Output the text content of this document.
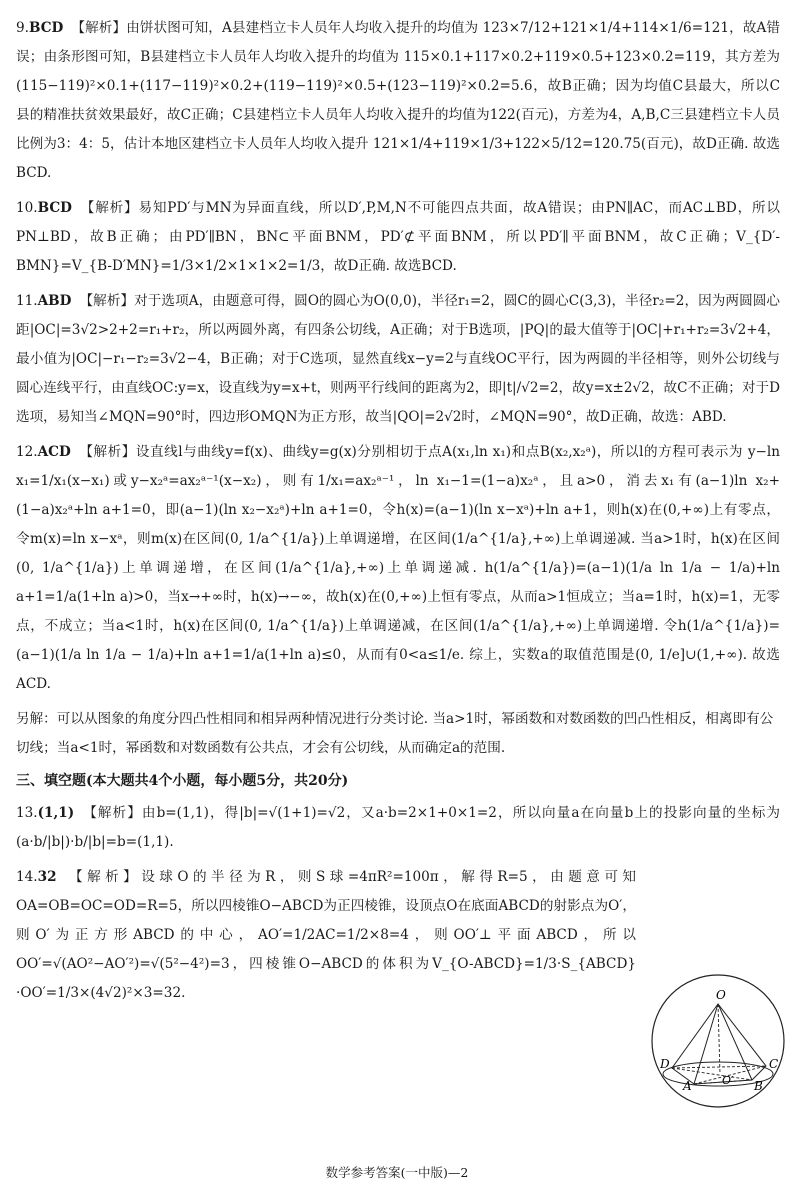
9.BCD 【解析】由饼状图可知，A县建档立卡人员年人均收入提升的均值为 123×7/12+121×1/4+114×1/6=121，故A错误；由条形图可知，B县建档立卡人员年人均收入提升的均值为 115×0.1+117×0.2+119×0.5+123×0.2=119，其方差为(115−119)²×0.1+(117−119)²×0.2+(119−119)²×0.5+(123−119)²×0.2=5.6，故B正确；因为均值C县最大，所以C县的精准扶贫效果最好，故C正确；C县建档立卡人员年人均收入提升的均值为122(百元)，方差为4，A,B,C三县建档立卡人员比例为3：4：5，估计本地区建档立卡人员年人均收入提升 121×1/4+119×1/3+122×5/12=120.75(百元)，故D正确. 故选BCD.

10.BCD 【解析】易知PD′与MN为异面直线，所以D′,P,M,N不可能四点共面，故A错误；由PN∥AC，而AC⊥BD，所以PN⊥BD，故B正确；由PD′∥BN，BN⊂平面BNM，PD′⊄平面BNM，所以PD′∥平面BNM，故C正确；V_{D′-BMN}=V_{B-D′MN}=1/3×1/2×1×1×2=1/3，故D正确. 故选BCD.

11.ABD 【解析】对于选项A，由题意可得，圆O的圆心为O(0,0)，半径r₁=2，圆C的圆心C(3,3)，半径r₂=2，因为两圆圆心距|OC|=3√2>2+2=r₁+r₂，所以两圆外离，有四条公切线，A正确；对于B选项，|PQ|的最大值等于|OC|+r₁+r₂=3√2+4，最小值为|OC|−r₁−r₂=3√2−4，B正确；对于C选项，显然直线x−y=2与直线OC平行，因为两圆的半径相等，则外公切线与圆心连线平行，由直线OC:y=x，设直线为y=x+t，则两平行线间的距离为2，即|t|/√2=2，故y=x±2√2，故C不正确；对于D选项，易知当∠MQN=90°时，四边形OMQN为正方形，故当|QO|=2√2时，∠MQN=90°，故D正确，故选：ABD.

12.ACD 【解析】设直线l与曲线y=f(x)、曲线y=g(x)分别相切于点A(x₁,ln x₁)和点B(x₂,x₂ᵃ)，所以l的方程可表示为 y−ln x₁=1/x₁(x−x₁)或y−x₂ᵃ=ax₂ᵃ⁻¹(x−x₂)，则有1/x₁=ax₂ᵃ⁻¹，ln x₁−1=(1−a)x₂ᵃ，且a>0，消去x₁有(a−1)ln x₂+(1−a)x₂ᵃ+ln a+1=0，即(a−1)(ln x₂−x₂ᵃ)+ln a+1=0，令h(x)=(a−1)(ln x−xᵃ)+ln a+1，则h(x)在(0,+∞)上有零点，令m(x)=ln x−xᵃ，则m(x)在区间(0, 1/a^{1/a})上单调递增，在区间(1/a^{1/a},+∞)上单调递减. 当a>1时，h(x)在区间(0, 1/a^{1/a})上单调递增，在区间(1/a^{1/a},+∞)上单调递减. h(1/a^{1/a})=(a−1)(1/a ln 1/a − 1/a)+ln a+1=1/a(1+ln a)>0，当x→+∞时，h(x)→−∞，故h(x)在(0,+∞)上恒有零点，从而a>1恒成立；当a=1时，h(x)=1，无零点，不成立；当a<1时，h(x)在区间(0, 1/a^{1/a})上单调递减，在区间(1/a^{1/a},+∞)上单调递增. 令h(1/a^{1/a})=(a−1)(1/a ln 1/a − 1/a)+ln a+1=1/a(1+ln a)≤0，从而有0<a≤1/e. 综上，实数a的取值范围是(0, 1/e]∪(1,+∞). 故选ACD.

另解：可以从图象的角度分四凸性相同和相异两种情况进行分类讨论. 当a>1时，幂函数和对数函数的凹凸性相反，相离即有公切线；当a<1时，幂函数和对数函数有公共点，才会有公切线，从而确定a的范围.

三、填空题(本大题共4个小题，每小题5分，共20分)

13.(1,1) 【解析】由b=(1,1)，得|b|=√(1+1)=√2，又a·b=2×1+0×1=2，所以向量a在向量b上的投影向量的坐标为(a·b/|b|)·b/|b|=b=(1,1).

14.32 【解析】设球O的半径为R，则S球=4πR²=100π，解得R=5，由题意可知OA=OB=OC=OD=R=5，所以四棱锥O−ABCD为正四棱锥，设顶点O在底面ABCD的射影点为O′，则O′为正方形ABCD的中心，AO′=1/2AC=1/2×8=4，则OO′⊥平面ABCD，所以OO′=√(AO²−AO′²)=√(5²−4²)=3，四棱锥O−ABCD的体积为V_{O-ABCD}=1/3·S_{ABCD}·OO′=1/3×(4√2)²×3=32.	O
D	C
A	O′ B
数学参考答案(一中版)—2
